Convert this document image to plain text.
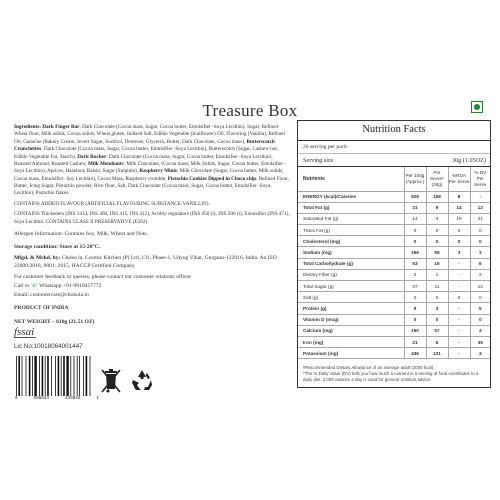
Treasure Box

Ingredients: Dark Finger Bar: Dark Chocolate (Cocoa mass, Sugar, Cocoa butter, Emulsifier -Soya Lecithin), Sugar, Refined Wheat flour, Milk solids, Cocoa solids, Wheat gluten, Iodised Salt, Edible Vegetable (Sunflower) Oil, Flavoring (Vanilla), Refined Oil, Ganache (Bakery Cream, Invert Sugar, Sorbitol, Dextrose, Glycerin, Butter, Dark Chocolate, Cocoa mass), Butterscotch Crunchettes: Dark Chocolate [Cocoa mass, Sugar, Cocoa butter, Emulsifier -Soya Lecithin], Butterscotch (Sugar, Cashew nut, Edible Vegetable Fat, Starch), Dark Rocher: Dark Chocolate (Cocoa mass, Sugar, Cocoa butter, Emulsifier -Soya Lecithin), Roasted Almond, Roasted Cashew, Milk Mendiants: Milk Chocolate, (Cocoa mass, Milk Solids, Sugar, Cocoa butter, Emulsifier -Soya Lecithin), Apricot, Hazelnut, Raisin, Sugar (Sulphite), Raspberry Minis: Milk Chocolate (Sugar, Cocoa butter, Milk solids, Cocoa mass, Emulsifier -Soy Lecithin), Cocoa Mass, Raspberry crumble, Pistachio Cookies Dipped in Choco chip: Refined Flour, Butter, Icing Sugar, Pistachio powder, Rice flour, Salt, Dark Chocolate (Cocoa mass, Sugar, Cocoa butter, Emulsifier -Soya Lecithin), Pistachio flakes.

CONTAINS ADDED FLAVOUR (ARTIFICIAL FLAVOURING SUBSTANCE-VANILLIN).

CONTAINS Thickeners (INS 1414, INS 466, INS 415, INS 412), Acidity regulators (INS 450 (i), INS 500 (i), Emulsifier (INS 471), Soya Lecithin. CONTAINS CLASS II PRESERVATIVE (E202).

Allergen Information: Contains Soy, Milk, Wheat and Nuts.

Storage condition: Store at 15-20°C.

Mfgd. & Mrkd. by: Choko la, Cosmic Kitchen (P) Ltd.,131, Phase-1, Udyog Vihar, Gurgaon-122016, India. An ISO 22000:2018, 9001: 2015, HACCP Certified Company.

For customer feedback or queries, please contact our customer relations officer.

Call or ☏ Whatsapp +91-9910457772

Email: customercare@chokola.in

PRODUCT OF INDIA

NET WEIGHT – 610g (21.51 OZ)

fssai
Lic No:10018064001447
0	906044	440036	1
Nutrition Facts
20 serving per pack
Serving size	30g (1.05OZ)
Nutrients	Per 100g (Approx.)	Per Serve* (30g)	%RDA Per Serve	% DV Per Serve
ENERGY (kcal)/Calories	528	158	8	-
Total Fat (g)	31	9	14	12
Saturated Fat (g)	14	4	19	21
Trans Fat (g)	0	0	0	0
Cholesterol (mg)	0	0	0	0
Sodium (mg)	196	59	3	3
Total Carbohydrate (g)	53	16	-	6
Dietary Fiber (g)	2	1	-	2
Total Sugar (g)	37	11	-	12
Salt (g)	0	0	0	0
Protein (g)	9	3	-	5
Vitamin D (mcg)	0	0	-	0
Calcium (mg)	190	57	-	4
Iron (mg)	21	6	-	35
Potassium (mg)	436	131	-	3
#Recommended Dietary Allowance of an average adult (2000 kcal).
*The % Daily Value (DV) tells you how much a nutrient in a serving of food contributes to a daily diet. 2,000 calories a day is used for general nutrition advice.
